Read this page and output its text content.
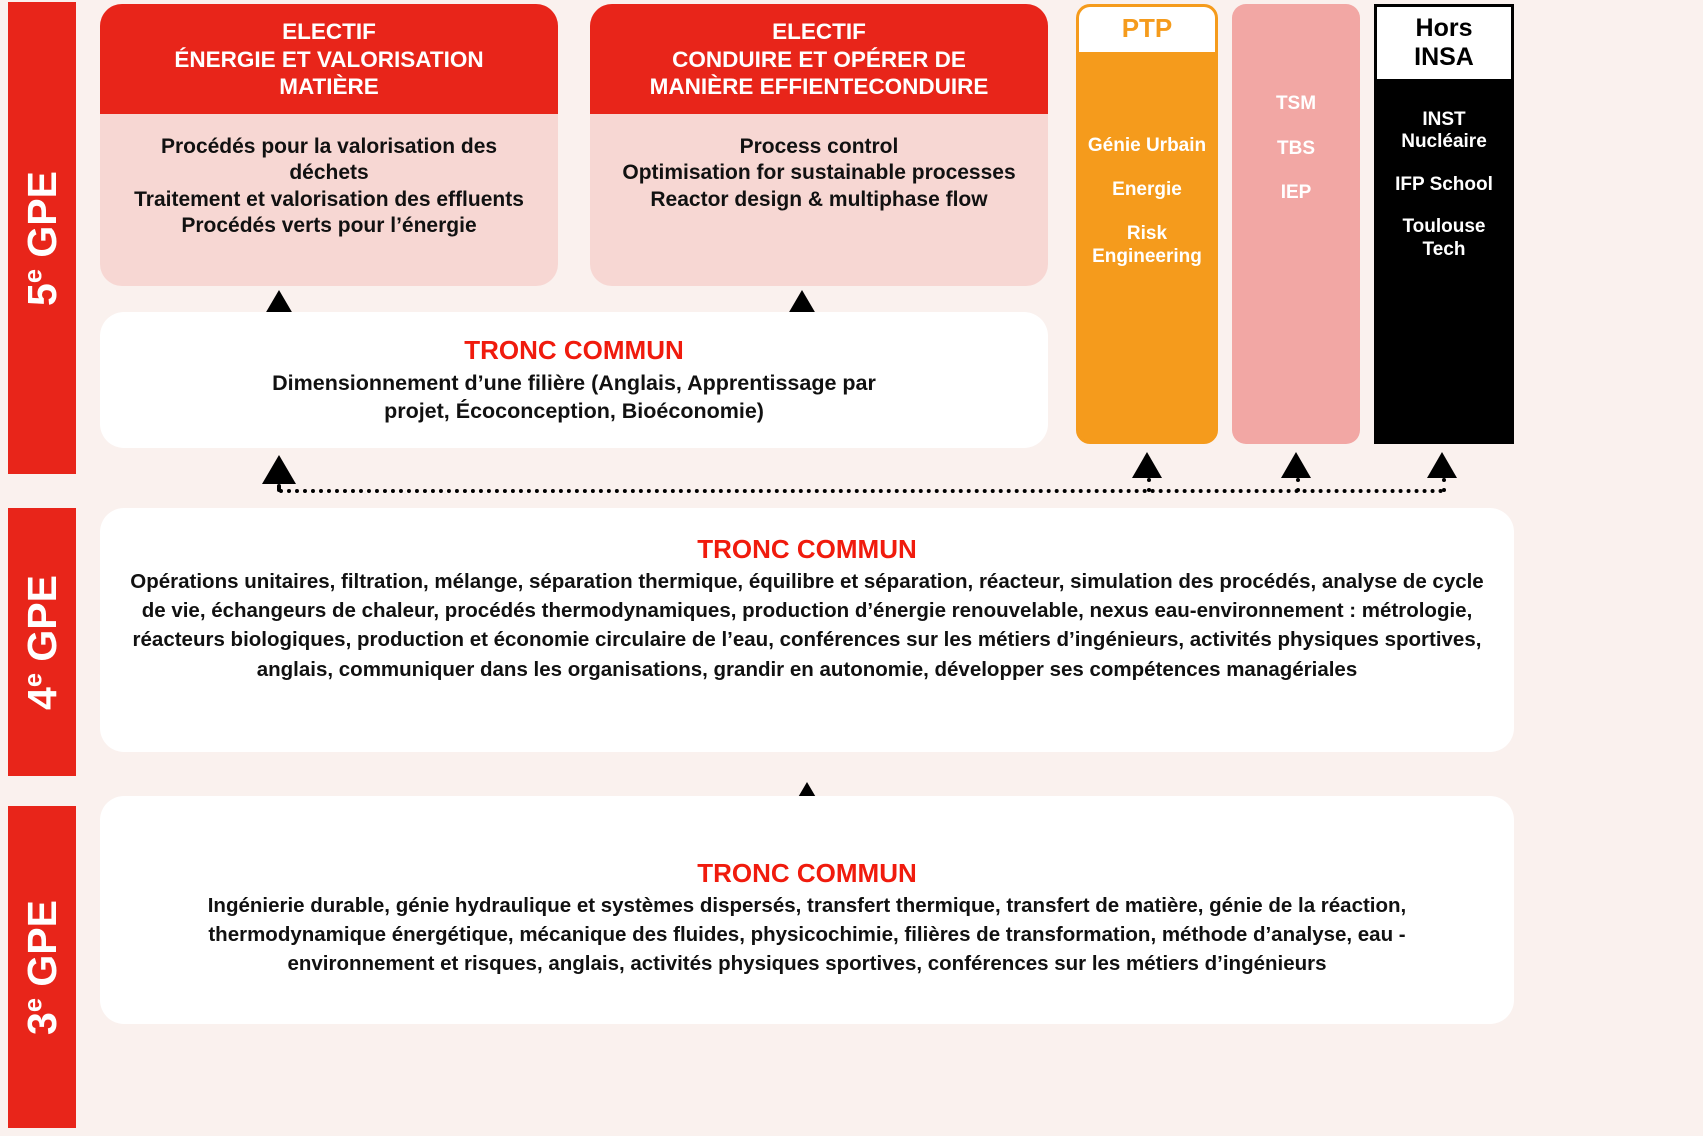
5e GPE
4e GPE
3e GPE
ELECTIF
ÉNERGIE ET VALORISATION
MATIÈRE
Procédés pour la valorisation des déchets
Traitement et valorisation des effluents
Procédés verts pour l’énergie
ELECTIF
CONDUIRE ET OPÉRER DE
MANIÈRE EFFIENTECONDUIRE
Process control
Optimisation for sustainable processes
Reactor design & multiphase flow
PTP
Génie Urbain
Energie
Risk Engineering
TSM
TBS
IEP
Hors
INSA
INST Nucléaire
IFP School
Toulouse Tech
TRONC COMMUN
Dimensionnement d’une filière (Anglais, Apprentissage par projet, Écoconception, Bioéconomie)
TRONC COMMUN
Opérations unitaires, filtration, mélange, séparation thermique, équilibre et séparation, réacteur, simulation des procédés, analyse de cycle de vie, échangeurs de chaleur, procédés thermodynamiques, production d’énergie renouvelable, nexus eau-environnement : métrologie, réacteurs biologiques, production et économie circulaire de l’eau, conférences sur les métiers d’ingénieurs, activités physiques sportives, anglais, communiquer dans les organisations, grandir en autonomie, développer ses compétences managériales
TRONC COMMUN
Ingénierie durable, génie hydraulique et systèmes dispersés, transfert thermique, transfert de matière, génie de la réaction, thermodynamique énergétique, mécanique des fluides, physicochimie, filières de transformation, méthode d’analyse, eau - environnement et risques, anglais, activités physiques sportives, conférences sur les métiers d’ingénieurs
